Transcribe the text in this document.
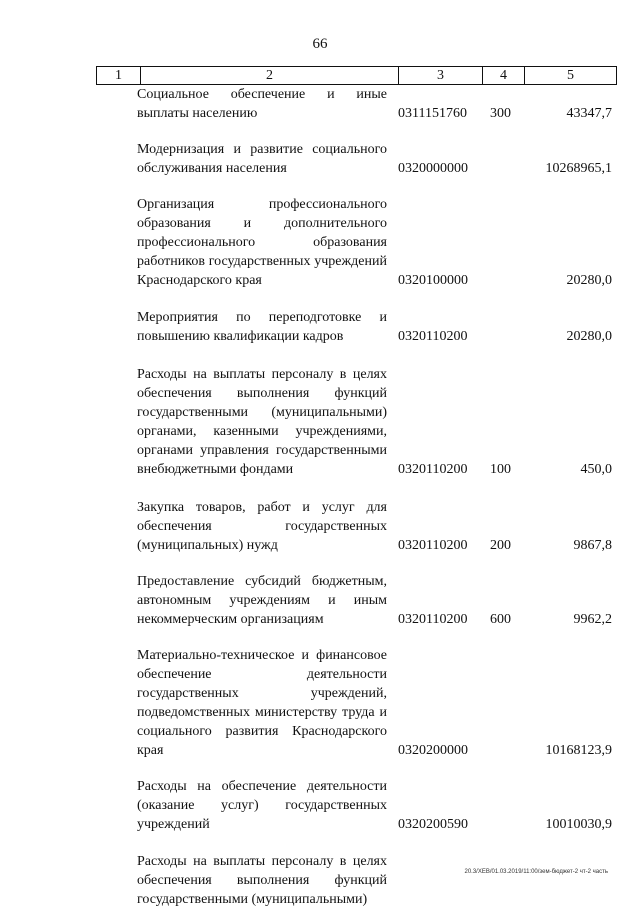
66
1	2	3	4	5
Социальное обеспечение и иные выплаты населению	0311151760 300	43347,7
Модернизация и развитие социального обслуживания населения	0320000000	10268965,1
Организация профессионального образования и дополнительного профессионального образования работников государственных учреждений Краснодарского края	0320100000	20280,0
Мероприятия по переподготовке и повышению квалификации кадров	0320110200	20280,0
Расходы на выплаты персоналу в целях обеспечения выполнения функций государственными (муниципальными) органами, казенными учреждениями, органами управления государственными внебюджетными фондами	0320110200 100	450,0
Закупка товаров, работ и услуг для обеспечения государственных (муниципальных) нужд	0320110200 200	9867,8
Предоставление субсидий бюджетным, автономным учреждениям и иным некоммерческим организациям	0320110200 600	9962,2
Материально-техническое и финансовое обеспечение деятельности государственных учреждений, подведомственных министерству труда и социального развития Краснодарского края	0320200000	10168123,9
Расходы на обеспечение деятельности (оказание услуг) государственных учреждений	0320200590	10010030,9
Расходы на выплаты персоналу в целях обеспечения выполнения функций государственными (муниципальными)
20.3/ХЕВ/01.03.2019/11:00/зем-бюджет-2 чт-2 часть
